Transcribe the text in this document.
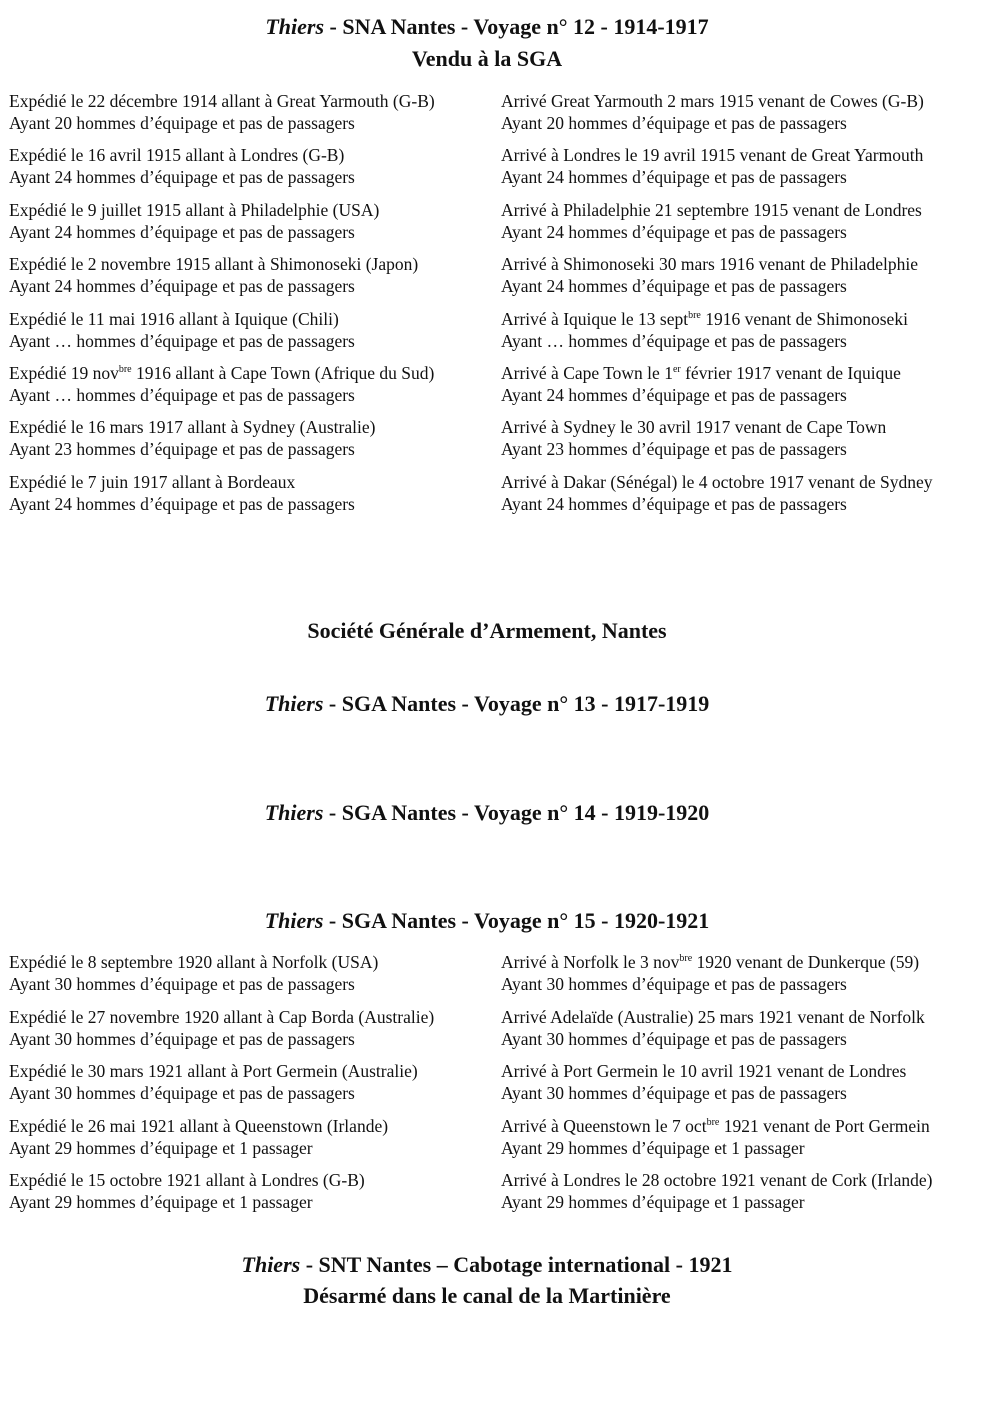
Thiers - SNA Nantes - Voyage n° 12 - 1914-1917
Vendu à la SGA
Expédié le 22 décembre 1914 allant à Great Yarmouth (G-B)
Ayant 20 hommes d’équipage et pas de passagers
Arrivé Great Yarmouth 2 mars 1915 venant de Cowes (G-B)
Ayant 20 hommes d’équipage et pas de passagers
Expédié le 16 avril 1915 allant à Londres (G-B)
Ayant 24 hommes d’équipage et pas de passagers
Arrivé à Londres le 19 avril 1915 venant de Great Yarmouth
Ayant 24 hommes d’équipage et pas de passagers
Expédié le 9 juillet 1915 allant à Philadelphie (USA)
Ayant 24 hommes d’équipage et pas de passagers
Arrivé à Philadelphie 21 septembre 1915 venant de Londres
Ayant 24 hommes d’équipage et pas de passagers
Expédié le 2 novembre 1915 allant à Shimonoseki (Japon)
Ayant 24 hommes d’équipage et pas de passagers
Arrivé à Shimonoseki 30 mars 1916 venant de Philadelphie
Ayant 24 hommes d’équipage et pas de passagers
Expédié le 11 mai 1916 allant à Iquique (Chili)
Ayant … hommes d’équipage et pas de passagers
Arrivé à Iquique le 13 sept$^{bre}$ 1916 venant de Shimonoseki
Ayant … hommes d’équipage et pas de passagers
Expédié 19 nov$^{bre}$ 1916 allant à Cape Town (Afrique du Sud)
Ayant … hommes d’équipage et pas de passagers
Arrivé à Cape Town le 1er février 1917 venant de Iquique
Ayant 24 hommes d’équipage et pas de passagers
Expédié le 16 mars 1917 allant à Sydney (Australie)
Ayant 23 hommes d’équipage et pas de passagers
Arrivé à Sydney le 30 avril 1917 venant de Cape Town
Ayant 23 hommes d’équipage et pas de passagers
Expédié le 7 juin 1917 allant à Bordeaux
Ayant 24 hommes d’équipage et pas de passagers
Arrivé à Dakar (Sénégal) le 4 octobre 1917 venant de Sydney
Ayant 24 hommes d’équipage et pas de passagers
Société Générale d’Armement, Nantes
Thiers - SGA Nantes - Voyage n° 13 - 1917-1919
Thiers - SGA Nantes - Voyage n° 14 - 1919-1920
Thiers - SGA Nantes - Voyage n° 15 - 1920-1921
Expédié le 8 septembre 1920 allant à Norfolk (USA)
Ayant 30 hommes d’équipage et pas de passagers
Arrivé à Norfolk le 3 nov$^{bre}$ 1920 venant de Dunkerque (59)
Ayant 30 hommes d’équipage et pas de passagers
Expédié le 27 novembre 1920 allant à Cap Borda (Australie)
Ayant 30 hommes d’équipage et pas de passagers
Arrivé Adelaïde (Australie) 25 mars 1921 venant de Norfolk
Ayant 30 hommes d’équipage et pas de passagers
Expédié le 30 mars 1921 allant à Port Germein (Australie)
Ayant 30 hommes d’équipage et pas de passagers
Arrivé à Port Germein le 10 avril 1921 venant de Londres
Ayant 30 hommes d’équipage et pas de passagers
Expédié le 26 mai 1921 allant à Queenstown (Irlande)
Ayant 29 hommes d’équipage et 1 passager
Arrivé à Queenstown le 7 oct$^{bre}$ 1921 venant de Port Germein
Ayant 29 hommes d’équipage et 1 passager
Expédié le 15 octobre 1921 allant à Londres (G-B)
Ayant 29 hommes d’équipage et 1 passager
Arrivé à Londres le 28 octobre 1921 venant de Cork (Irlande)
Ayant 29 hommes d’équipage et 1 passager
Thiers - SNT Nantes – Cabotage international - 1921
Désarmé dans le canal de la Martinière
